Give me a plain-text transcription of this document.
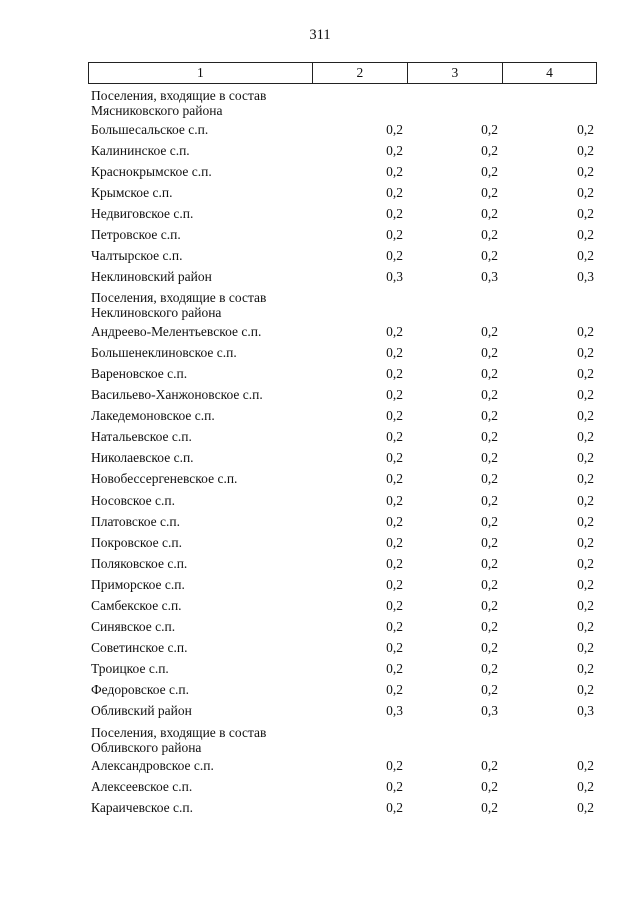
311
1	2	3	4
Поселения, входящие в состав
Мясниковского района
Большесальское с.п.	0,2	0,2	0,2
Калининское с.п.	0,2	0,2	0,2
Краснокрымское с.п.	0,2	0,2	0,2
Крымское с.п.	0,2	0,2	0,2
Недвиговское с.п.	0,2	0,2	0,2
Петровское с.п.	0,2	0,2	0,2
Чалтырское с.п.	0,2	0,2	0,2
Неклиновский район	0,3	0,3	0,3
Поселения, входящие в состав
Неклиновского района
Андреево-Мелентьевское с.п.	0,2	0,2	0,2
Большенеклиновское с.п.	0,2	0,2	0,2
Вареновское с.п.	0,2	0,2	0,2
Васильево-Ханжоновское с.п.	0,2	0,2	0,2
Лакедемоновское с.п.	0,2	0,2	0,2
Натальевское с.п.	0,2	0,2	0,2
Николаевское с.п.	0,2	0,2	0,2
Новобессергеневское с.п.	0,2	0,2	0,2
Носовское с.п.	0,2	0,2	0,2
Платовское с.п.	0,2	0,2	0,2
Покровское с.п.	0,2	0,2	0,2
Поляковское с.п.	0,2	0,2	0,2
Приморское с.п.	0,2	0,2	0,2
Самбекское с.п.	0,2	0,2	0,2
Синявское с.п.	0,2	0,2	0,2
Советинское с.п.	0,2	0,2	0,2
Троицкое с.п.	0,2	0,2	0,2
Федоровское с.п.	0,2	0,2	0,2
Обливский район	0,3	0,3	0,3
Поселения, входящие в состав
Обливского района
Александровское с.п.	0,2	0,2	0,2
Алексеевское с.п.	0,2	0,2	0,2
Караичевское с.п.	0,2	0,2	0,2
